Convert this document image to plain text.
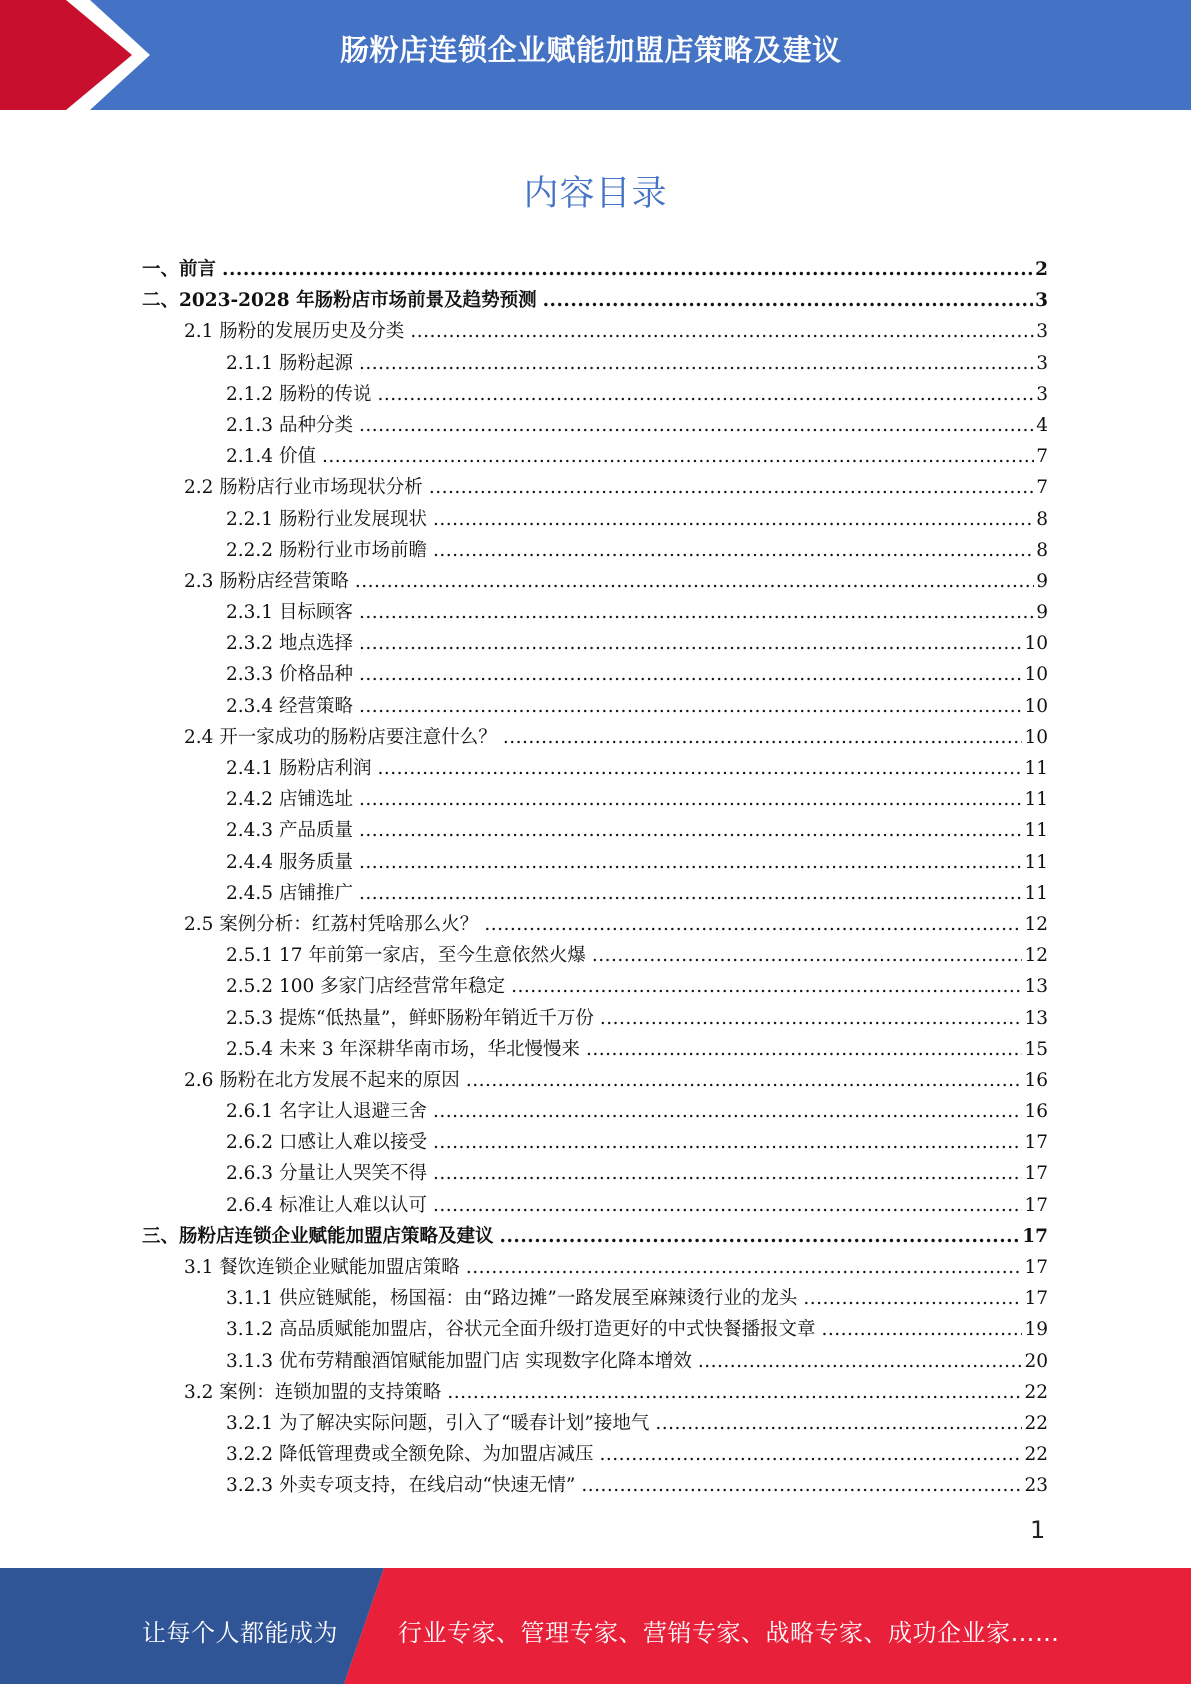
肠粉店连锁企业赋能加盟店策略及建议
内容目录
一、前言 .....	2
二、2023-2028 年肠粉店市场前景及趋势预测 .....	3
2.1 肠粉的发展历史及分类 .....	3
2.1.1 肠粉起源 .....	3
2.1.2 肠粉的传说 .....	3
2.1.3 品种分类 .....	4
2.1.4 价值 .....	7
2.2 肠粉店行业市场现状分析 .....	7
2.2.1 肠粉行业发展现状 .....	8
2.2.2 肠粉行业市场前瞻 .....	8
2.3 肠粉店经营策略 .....	9
2.3.1 目标顾客 .....	9
2.3.2 地点选择 .....	10
2.3.3 价格品种 .....	10
2.3.4 经营策略 .....	10
2.4 开一家成功的肠粉店要注意什么？ .....	10
2.4.1 肠粉店利润 .....	11
2.4.2 店铺选址 .....	11
2.4.3 产品质量 .....	11
2.4.4 服务质量 .....	11
2.4.5 店铺推广 .....	11
2.5 案例分析：红荔村凭啥那么火？ .....	12
2.5.1 17 年前第一家店，至今生意依然火爆 .....	12
2.5.2 100 多家门店经营常年稳定 .....	13
2.5.3 提炼“低热量”，鲜虾肠粉年销近千万份 .....	13
2.5.4 未来 3 年深耕华南市场，华北慢慢来 .....	15
2.6 肠粉在北方发展不起来的原因 .....	16
2.6.1 名字让人退避三舍 .....	16
2.6.2 口感让人难以接受 .....	17
2.6.3 分量让人哭笑不得 .....	17
2.6.4 标准让人难以认可 .....	17
三、肠粉店连锁企业赋能加盟店策略及建议 .....	17
3.1 餐饮连锁企业赋能加盟店策略 .....	17
3.1.1 供应链赋能，杨国福：由“路边摊”一路发展至麻辣烫行业的龙头 .....	17
3.1.2 高品质赋能加盟店，谷状元全面升级打造更好的中式快餐播报文章 .....	19
3.1.3 优布劳精酿酒馆赋能加盟门店 实现数字化降本增效 .....	20
3.2 案例：连锁加盟的支持策略 .....	22
3.2.1 为了解决实际问题，引入了“暖春计划”接地气 .....	22
3.2.2 降低管理费或全额免除、为加盟店减压 .....	22
3.2.3 外卖专项支持，在线启动“快速无情” .....	23
1
让每个人都能成为	行业专家、管理专家、营销专家、战略专家、成功企业家……
